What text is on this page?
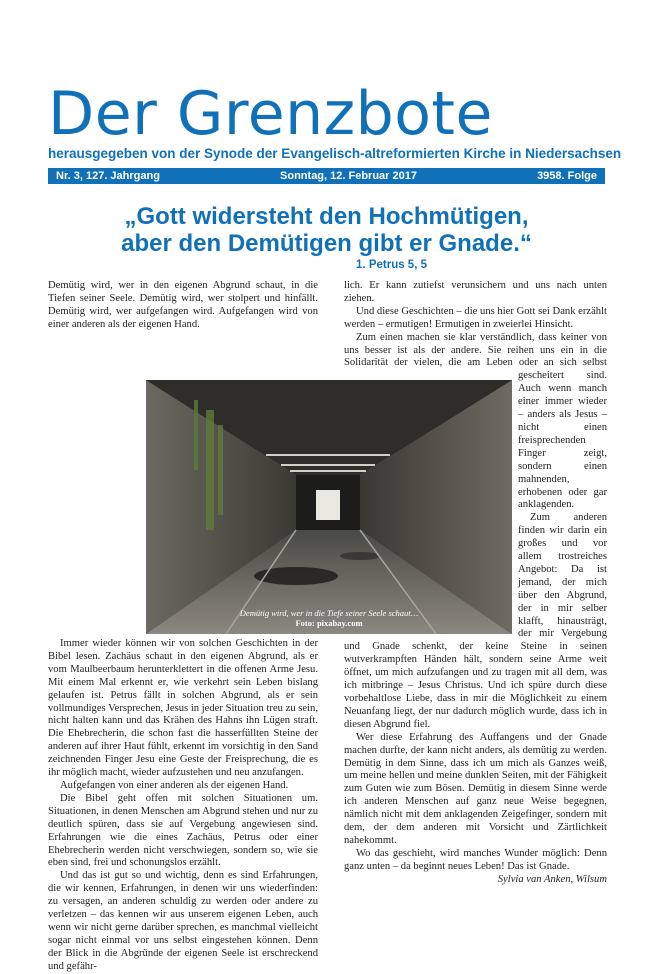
Der Grenzbote
herausgegeben von der Synode der Evangelisch-altreformierten Kirche in Niedersachsen
Nr. 3, 127. Jahrgang	Sonntag, 12. Februar 2017	3958. Folge
„Gott widersteht den Hochmütigen,
aber den Demütigen gibt er Gnade.“
1. Petrus 5, 5

Demütig wird, wer in den eigenen Abgrund schaut, in die Tiefen seiner Seele. Demütig wird, wer stolpert und hinfällt. Demütig wird, wer aufgefangen wird. Aufgefangen wird von einer anderen als der eigenen Hand.

Immer wieder können wir von solchen Geschichten in der Bibel lesen. Zachäus schaut in den eigenen Abgrund, als er vom Maulbeerbaum herunterklettert in die offenen Arme Jesu. Mit einem Mal erkennt er, wie verkehrt sein Leben bislang gelaufen ist. Petrus fällt in solchen Abgrund, als er sein vollmundiges Versprechen, Jesus in jeder Situation treu zu sein, nicht halten kann und das Krähen des Hahns ihn Lügen straft. Die Ehebrecherin, die schon fast die hasserfüllten Steine der anderen auf ihrer Haut fühlt, erkennt im vorsichtig in den Sand zeichnenden Finger Jesu eine Geste der Freisprechung, die es ihr möglich macht, wieder aufzustehen und neu anzufangen.

Aufgefangen von einer anderen als der eigenen Hand.

Die Bibel geht offen mit solchen Situationen um. Situationen, in denen Menschen am Abgrund stehen und nur zu deutlich spüren, dass sie auf Vergebung angewiesen sind. Erfahrungen wie die eines Zachäus, Petrus oder einer Ehebrecherin werden nicht verschwiegen, sondern so, wie sie eben sind, frei und schonungslos erzählt.

Und das ist gut so und wichtig, denn es sind Erfahrungen, die wir kennen, Erfahrungen, in denen wir uns wiederfinden: zu versagen, an anderen schuldig zu werden oder andere zu verletzen – das kennen wir aus unserem eigenen Leben, auch wenn wir nicht gerne darüber sprechen, es manchmal vielleicht sogar nicht einmal vor uns selbst eingestehen können. Denn der Blick in die Abgründe der eigenen Seele ist erschreckend und gefähr-

lich. Er kann zutiefst verunsichern und uns nach unten ziehen.

Und diese Geschichten – die uns hier Gott sei Dank erzählt werden – ermutigen! Ermutigen in zweierlei Hinsicht.

Zum einen machen sie klar verständlich, dass keiner von uns besser ist als der andere. Sie reihen uns ein in die Solidarität der vielen, die am Leben oder an sich selbst gescheitert sind. Auch wenn manch einer immer wieder – anders als Jesus – nicht einen freisprechenden Finger zeigt, sondern einen mahnenden, erhobenen oder gar anklagenden.

Zum anderen finden wir darin ein großes und vor allem trostreiches Angebot: Da ist jemand, der mich über den Abgrund, der in mir selber klafft, hinausträgt, der mir Vergebung und Gnade schenkt, der keine Steine in seinen wutverkrampften Händen hält, sondern seine Arme weit öffnet, um mich aufzufangen und zu tragen mit all dem, was ich mitbringe – Jesus Christus. Und ich spüre durch diese vorbehaltlose Liebe, dass in mir die Möglichkeit zu einem Neuanfang liegt, der nur dadurch möglich wurde, dass ich in diesen Abgrund fiel.

Wer diese Erfahrung des Auffangens und der Gnade machen durfte, der kann nicht anders, als demütig zu werden. Demütig in dem Sinne, dass ich um mich als Ganzes weiß, um meine hellen und meine dunklen Seiten, mit der Fähigkeit zum Guten wie zum Bösen. Demütig in diesem Sinne werde ich anderen Menschen auf ganz neue Weise begegnen, nämlich nicht mit dem anklagenden Zeigefinger, sondern mit dem, der dem anderen mit Vorsicht und Zärtlichkeit nahekommt.

Wo das geschieht, wird manches Wunder möglich: Denn ganz unten – da beginnt neues Leben! Das ist Gnade.

Sylvia van Anken, Wilsum

Demütig wird, wer in die Tiefe seiner Seele schaut…
Foto: pixabay.com
